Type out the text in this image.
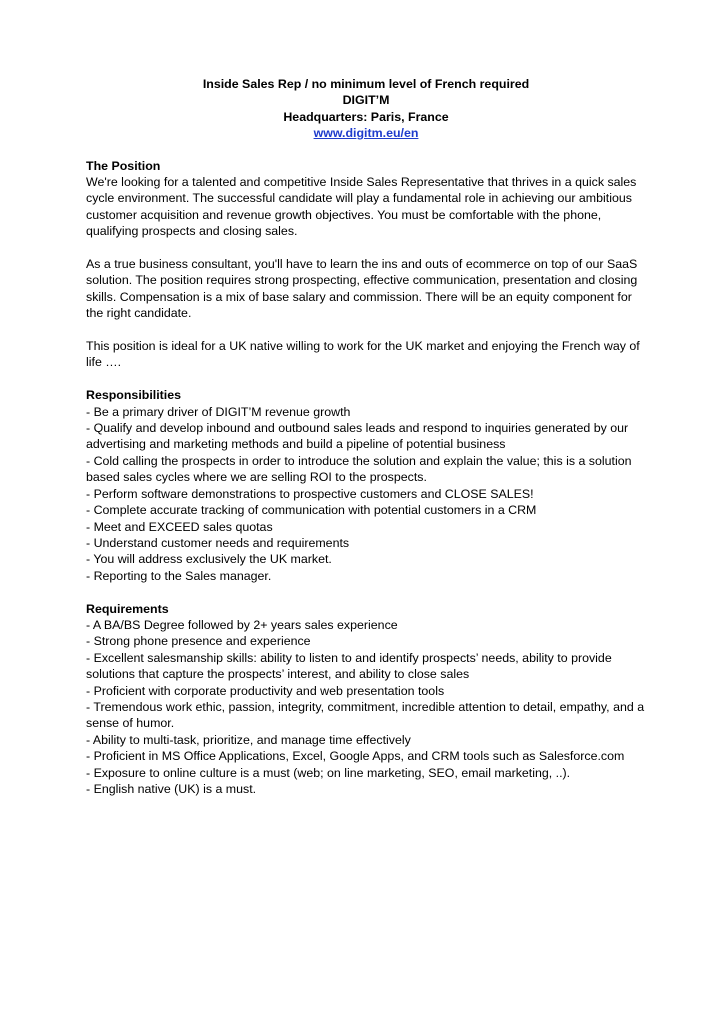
Inside Sales Rep / no minimum level of French required
DIGIT’M
Headquarters: Paris, France
www.digitm.eu/en
The Position

We're looking for a talented and competitive Inside Sales Representative that thrives in a quick sales cycle environment. The successful candidate will play a fundamental role in achieving our ambitious customer acquisition and revenue growth objectives. You must be comfortable with the phone, qualifying prospects and closing sales.

As a true business consultant, you'll have to learn the ins and outs of ecommerce on top of our SaaS solution. The position requires strong prospecting, effective communication, presentation and closing skills. Compensation is a mix of base salary and commission. There will be an equity component for the right candidate.

This position is ideal for a UK native willing to work for the UK market and enjoying the French way of life ….

Responsibilities
- Be a primary driver of DIGIT’M revenue growth
- Qualify and develop inbound and outbound sales leads and respond to inquiries generated by our advertising and marketing methods and build a pipeline of potential business
- Cold calling the prospects in order to introduce the solution and explain the value; this is a solution based sales cycles where we are selling ROI to the prospects.
- Perform software demonstrations to prospective customers and CLOSE SALES!
- Complete accurate tracking of communication with potential customers in a CRM
- Meet and EXCEED sales quotas
- Understand customer needs and requirements
- You will address exclusively the UK market.
- Reporting to the Sales manager.
Requirements
- A BA/BS Degree followed by 2+ years sales experience
- Strong phone presence and experience
- Excellent salesmanship skills: ability to listen to and identify prospects’ needs, ability to provide solutions that capture the prospects’ interest, and ability to close sales
- Proficient with corporate productivity and web presentation tools
- Tremendous work ethic, passion, integrity, commitment, incredible attention to detail, empathy, and a sense of humor.
- Ability to multi-task, prioritize, and manage time effectively
- Proficient in MS Office Applications, Excel, Google Apps, and CRM tools such as Salesforce.com
- Exposure to online culture is a must (web; on line marketing, SEO, email marketing, ..).
- English native (UK) is a must.
